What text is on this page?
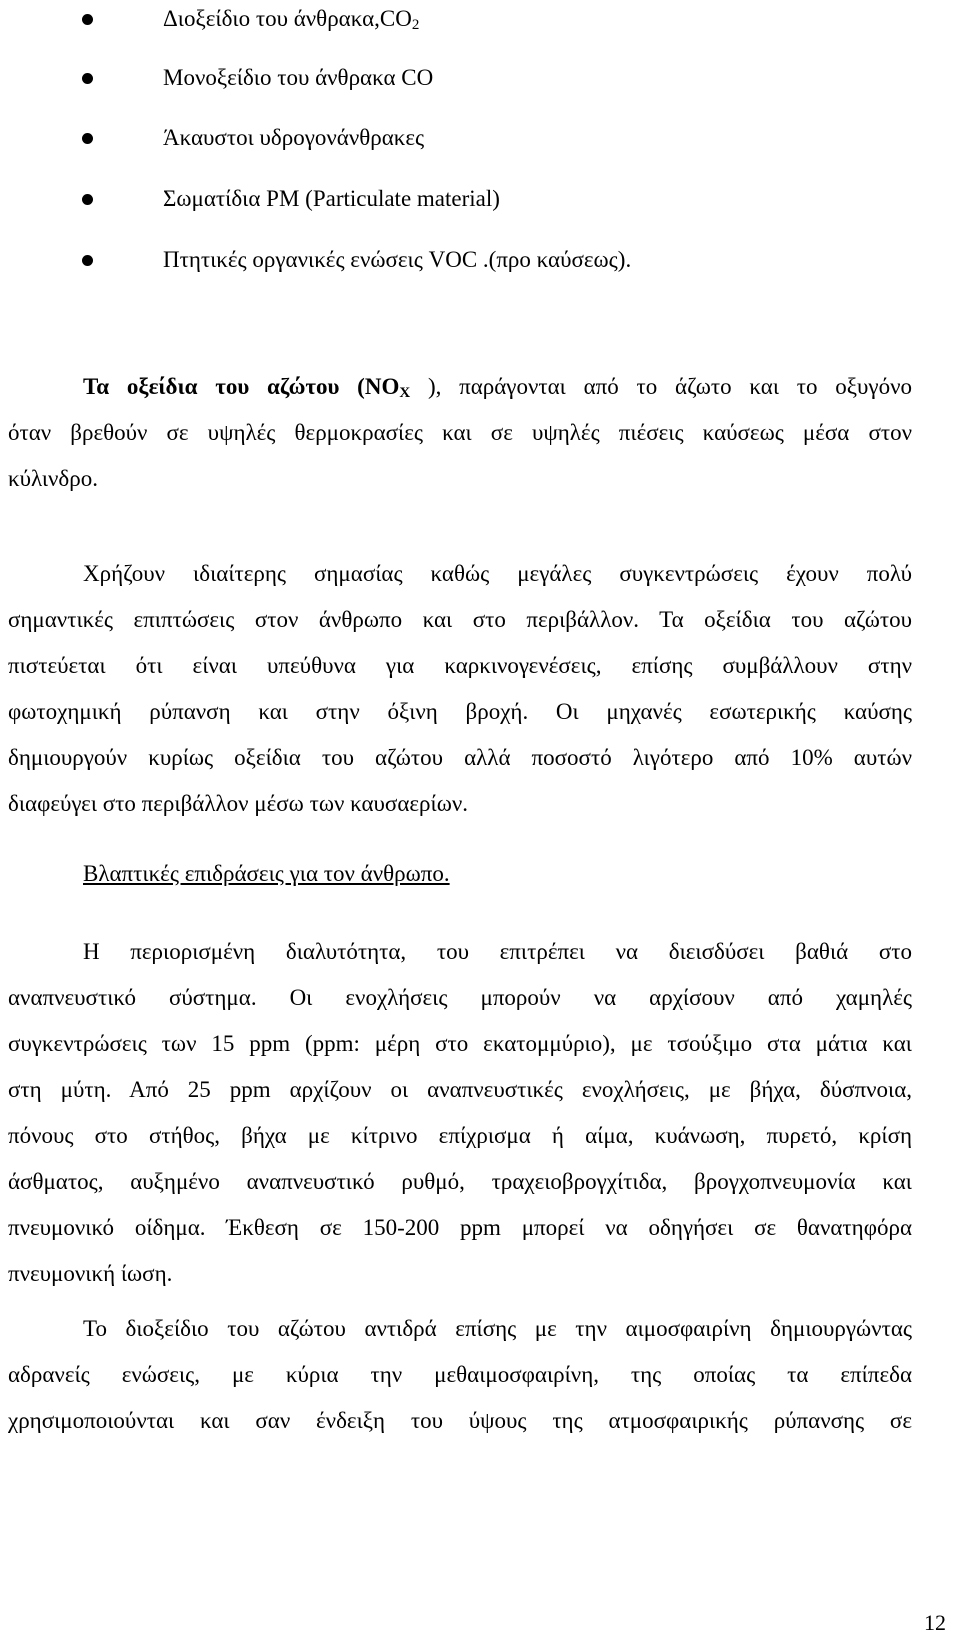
Διοξείδιο του $ά\nu\theta\rho\alpha\kappa\alpha,CO_2$
Μονοξείδιο του άνθρακα CO
Άκαυστοι υδρογονάνθρακες
Σωματίδια PM (Particulate material)
Πτητικές οργανικές ενώσεις VOC .(προ καύσεως).
Τα οξείδια του αζώτου ($NO_X$ ), παράγονται από το άζωτο και το οξυγόνο
όταν βρεθούν σε υψηλές θερμοκρασίες και σε υψηλές πιέσεις καύσεως μέσα στον
κύλινδρο.
Χρήζουν ιδιαίτερης σημασίας καθώς μεγάλες συγκεντρώσεις έχουν πολύ
σημαντικές επιπτώσεις στον άνθρωπο και στο περιβάλλον. Τα οξείδια του αζώτου
πιστεύεται ότι είναι υπεύθυνα για καρκινογενέσεις, επίσης συμβάλλουν στην
φωτοχημική ρύπανση και στην όξινη βροχή. Οι μηχανές εσωτερικής καύσης
δημιουργούν κυρίως οξείδια του αζώτου αλλά ποσοστό λιγότερο από 10% αυτών
διαφεύγει στο περιβάλλον μέσω των καυσαερίων.
Βλαπτικές επιδράσεις για τον άνθρωπο.
Η περιορισμένη διαλυτότητα, του επιτρέπει να διεισδύσει βαθιά στο
αναπνευστικό σύστημα. Οι ενοχλήσεις μπορούν να αρχίσουν από χαμηλές
συγκεντρώσεις των 15 ppm (ppm: μέρη στο εκατομμύριο), με τσούξιμο στα μάτια και
στη μύτη. Από 25 ppm αρχίζουν οι αναπνευστικές ενοχλήσεις, με βήχα, δύσπνοια,
πόνους στο στήθος, βήχα με κίτρινο επίχρισμα ή αίμα, κυάνωση, πυρετό, κρίση
άσθματος, αυξημένο αναπνευστικό ρυθμό, τραχειοβρογχίτιδα, βρογχοπνευμονία και
πνευμονικό οίδημα. Έκθεση σε 150-200 ppm μπορεί να οδηγήσει σε θανατηφόρα
πνευμονική ίωση.
Το διοξείδιο του αζώτου αντιδρά επίσης με την αιμοσφαιρίνη δημιουργώντας
αδρανείς ενώσεις, με κύρια την μεθαιμοσφαιρίνη, της οποίας τα επίπεδα
χρησιμοποιούνται και σαν ένδειξη του ύψους της ατμοσφαιρικής ρύπανσης σε
12
